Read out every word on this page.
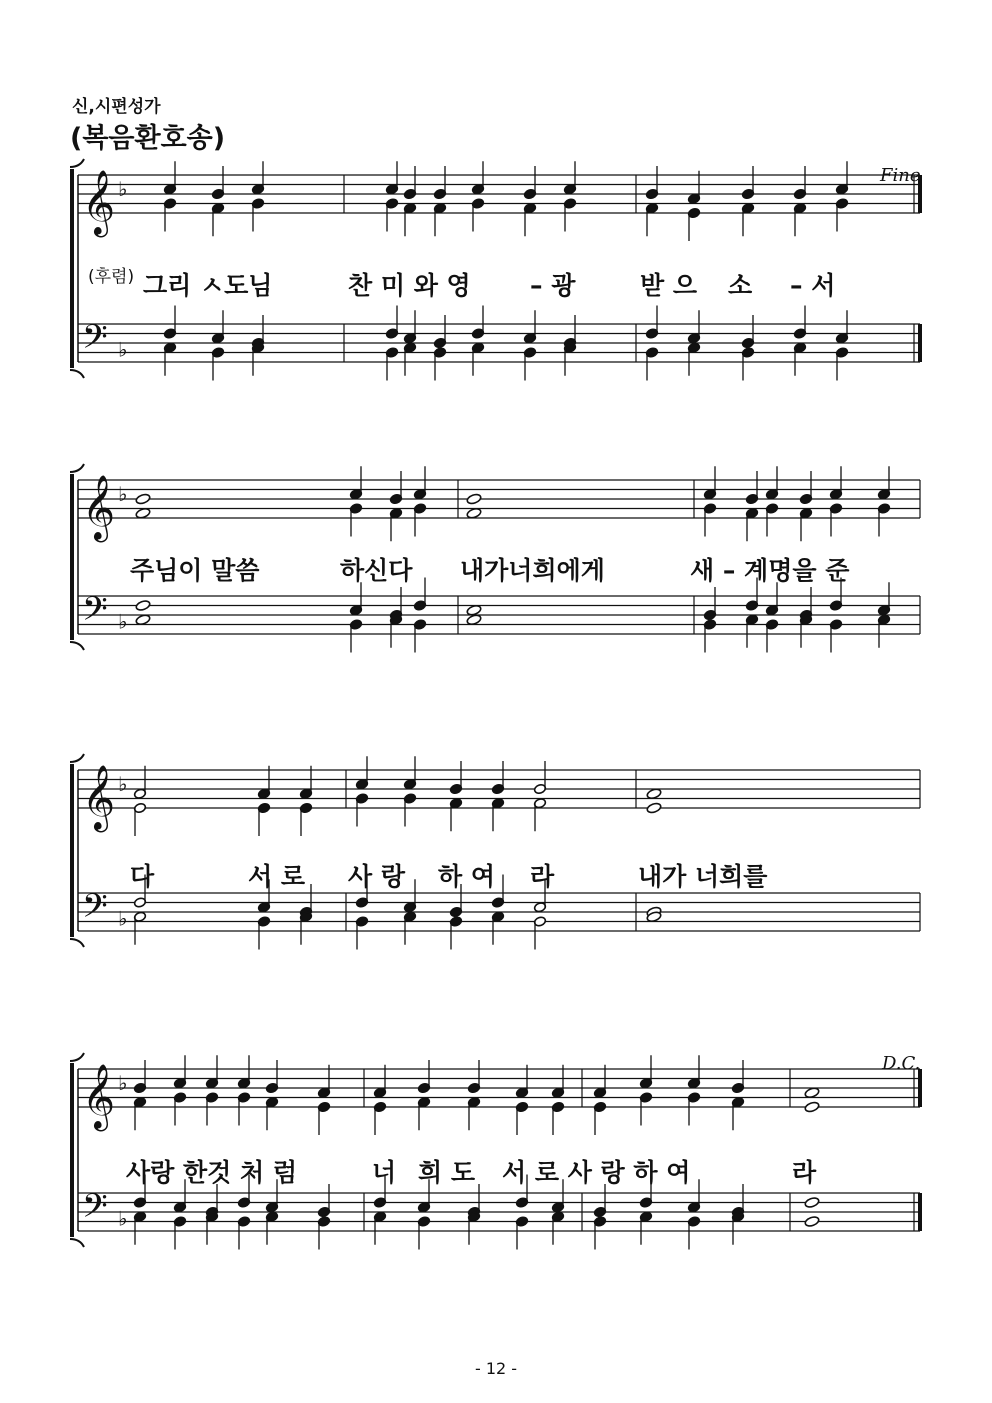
신,시편성가
(복음환호송)
𝄞
𝄢
♭
♭
𝄞
𝄢
♭
♭
𝄞
𝄢
♭
♭
𝄞
𝄢
♭
♭
(후렴) 그리 ㅅ도님	찬 미 와 영 – 광	받 으 소 – 서
Fine
주님이 말씀	하신다 내가너희에게	새 – 계명을 준
다	서 로 사 랑 하 여 라	내가 너희를
사랑 한것 처 럼	너 희 도 서 로 사 랑 하 여	라
D.C.
- 12 -
